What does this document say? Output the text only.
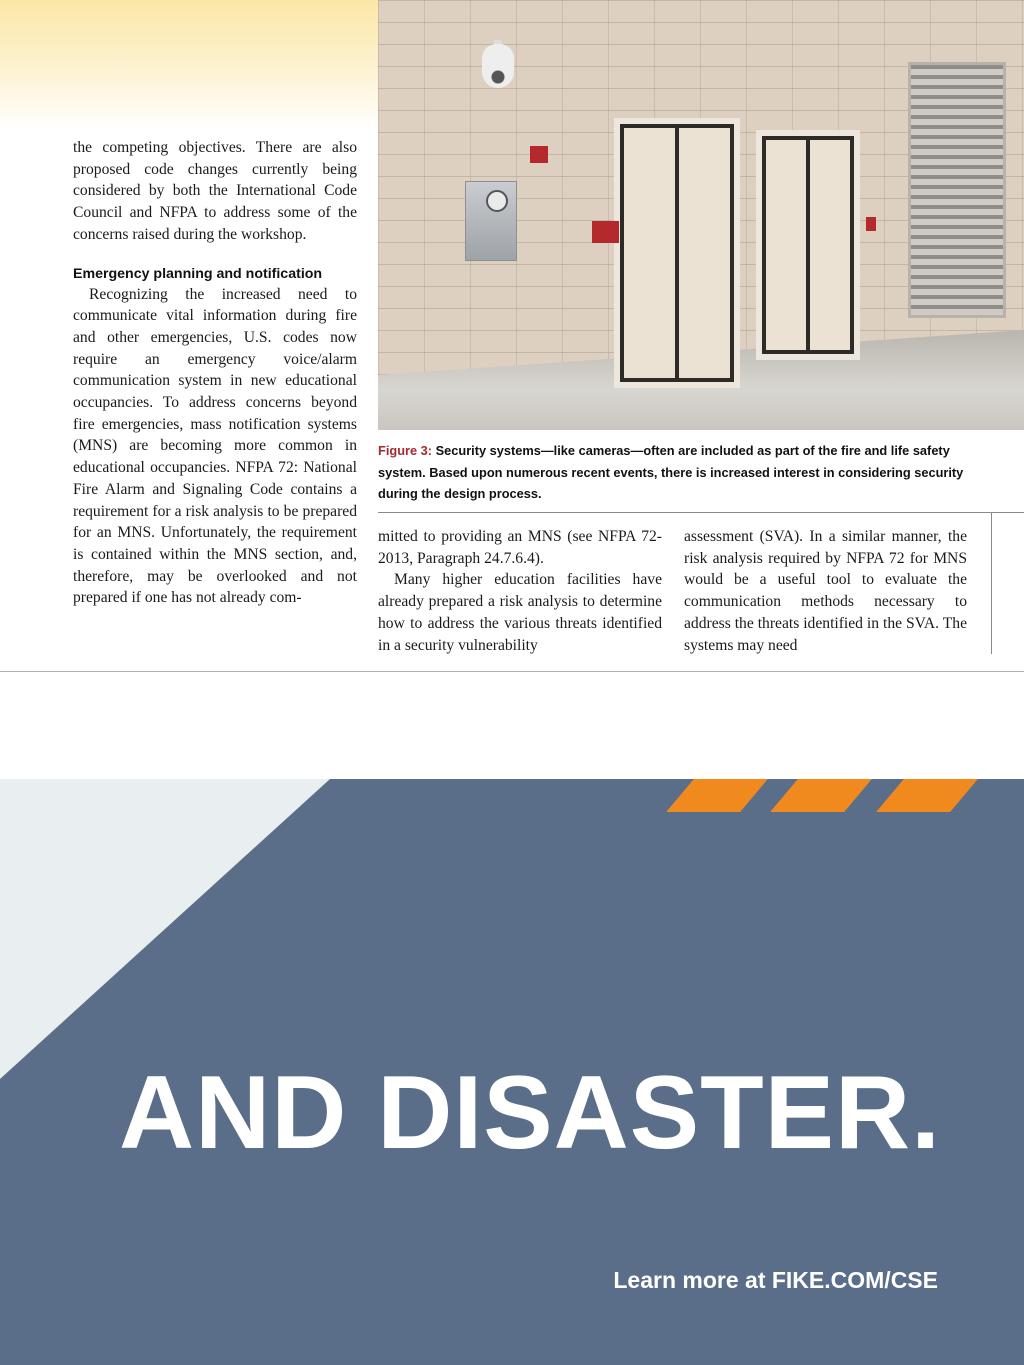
the competing objectives. There are also proposed code changes currently being considered by both the International Code Council and NFPA to address some of the concerns raised during the workshop.

Emergency planning and notification

Recognizing the increased need to communicate vital information during fire and other emergencies, U.S. codes now require an emergency voice/alarm communication system in new educational occupancies. To address concerns beyond fire emergencies, mass notification systems (MNS) are becoming more common in educational occupancies. NFPA 72: National Fire Alarm and Signaling Code contains a requirement for a risk analysis to be prepared for an MNS. Unfortunately, the requirement is contained within the MNS section, and, therefore, may be overlooked and not prepared if one has not already com-

Figure 3: Security systems—like cameras—often are included as part of the fire and life safety system. Based upon numerous recent events, there is increased interest in considering security during the design process.

mitted to providing an MNS (see NFPA 72-2013, Paragraph 24.7.6.4).

Many higher education facilities have already prepared a risk analysis to determine how to address the various threats identified in a security vulnerability

assessment (SVA). In a similar manner, the risk analysis required by NFPA 72 for MNS would be a useful tool to evaluate the communication methods necessary to address the threats identified in the SVA. The systems may need

AND DISASTER.
Learn more at FIKE.COM/CSE
